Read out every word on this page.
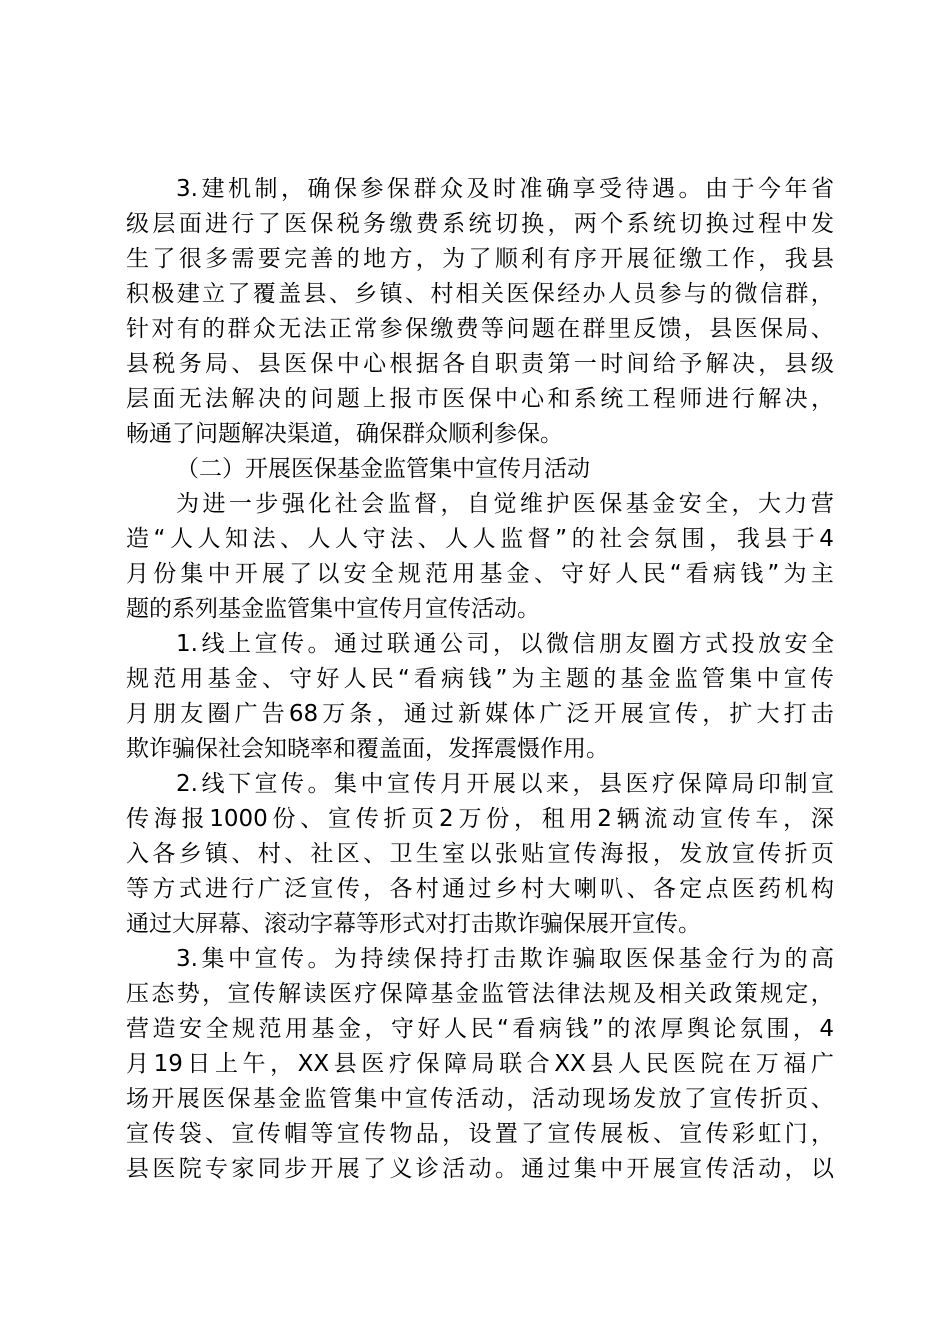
3. 建 机 制 ， 确 保 参 保 群 众 及 时 准 确 享 受 待 遇 。 由 于 今 年 省
级 层 面 进 行 了 医 保 税 务 缴 费 系 统 切 换 ， 两 个 系 统 切 换 过 程 中 发
生 了 很 多 需 要 完 善 的 地 方 ， 为 了 顺 利 有 序 开 展 征 缴 工 作 ， 我 县
积 极 建 立 了 覆 盖 县 、 乡 镇 、 村 相 关 医 保 经 办 人 员 参 与 的 微 信 群 ，
针 对 有 的 群 众 无 法 正 常 参 保 缴 费 等 问 题 在 群 里 反 馈 ， 县 医 保 局 、
县 税 务 局 、 县 医 保 中 心 根 据 各 自 职 责 第 一 时 间 给 予 解 决 ， 县 级
层 面 无 法 解 决 的 问 题 上 报 市 医 保 中 心 和 系 统 工 程 师 进 行 解 决 ，
畅通了问题解决渠道，确保群众顺利参保。
（二）开展医保基金监管集中宣传月活动
为 进 一 步 强 化 社 会 监 督 ， 自 觉 维 护 医 保 基 金 安 全 ， 大 力 营
造 “ 人 人 知 法 、 人 人 守 法 、 人 人 监 督 ” 的 社 会 氛 围 ， 我 县 于 4
月 份 集 中 开 展 了 以 安 全 规 范 用 基 金 、 守 好 人 民 “ 看 病 钱 ” 为 主
题的系列基金监管集中宣传月宣传活动。
1. 线 上 宣 传 。 通 过 联 通 公 司 ， 以 微 信 朋 友 圈 方 式 投 放 安 全
规 范 用 基 金 、 守 好 人 民 “ 看 病 钱 ” 为 主 题 的 基 金 监 管 集 中 宣 传
月 朋 友 圈 广 告 68 万 条 ， 通 过 新 媒 体 广 泛 开 展 宣 传 ， 扩 大 打 击
欺诈骗保社会知晓率和覆盖面，发挥震慑作用。
2. 线 下 宣 传 。 集 中 宣 传 月 开 展 以 来 ， 县 医 疗 保 障 局 印 制 宣
传 海 报 1000 份 、 宣 传 折 页 2 万 份 ， 租 用 2 辆 流 动 宣 传 车 ， 深
入 各 乡 镇 、 村 、 社 区 、 卫 生 室 以 张 贴 宣 传 海 报 ， 发 放 宣 传 折 页
等 方 式 进 行 广 泛 宣 传 ， 各 村 通 过 乡 村 大 喇 叭 、 各 定 点 医 药 机 构
通过大屏幕、滚动字幕等形式对打击欺诈骗保展开宣传。
3. 集 中 宣 传 。 为 持 续 保 持 打 击 欺 诈 骗 取 医 保 基 金 行 为 的 高
压 态 势 ， 宣 传 解 读 医 疗 保 障 基 金 监 管 法 律 法 规 及 相 关 政 策 规 定 ，
营 造 安 全 规 范 用 基 金 ， 守 好 人 民 “ 看 病 钱 ” 的 浓 厚 舆 论 氛 围 ， 4
月 19 日 上 午 ， XX 县 医 疗 保 障 局 联 合 XX 县 人 民 医 院 在 万 福 广
场 开 展 医 保 基 金 监 管 集 中 宣 传 活 动 ， 活 动 现 场 发 放 了 宣 传 折 页 、
宣 传 袋 、 宣 传 帽 等 宣 传 物 品 ， 设 置 了 宣 传 展 板 、 宣 传 彩 虹 门 ，
县 医 院 专 家 同 步 开 展 了 义 诊 活 动 。 通 过 集 中 开 展 宣 传 活 动 ， 以
